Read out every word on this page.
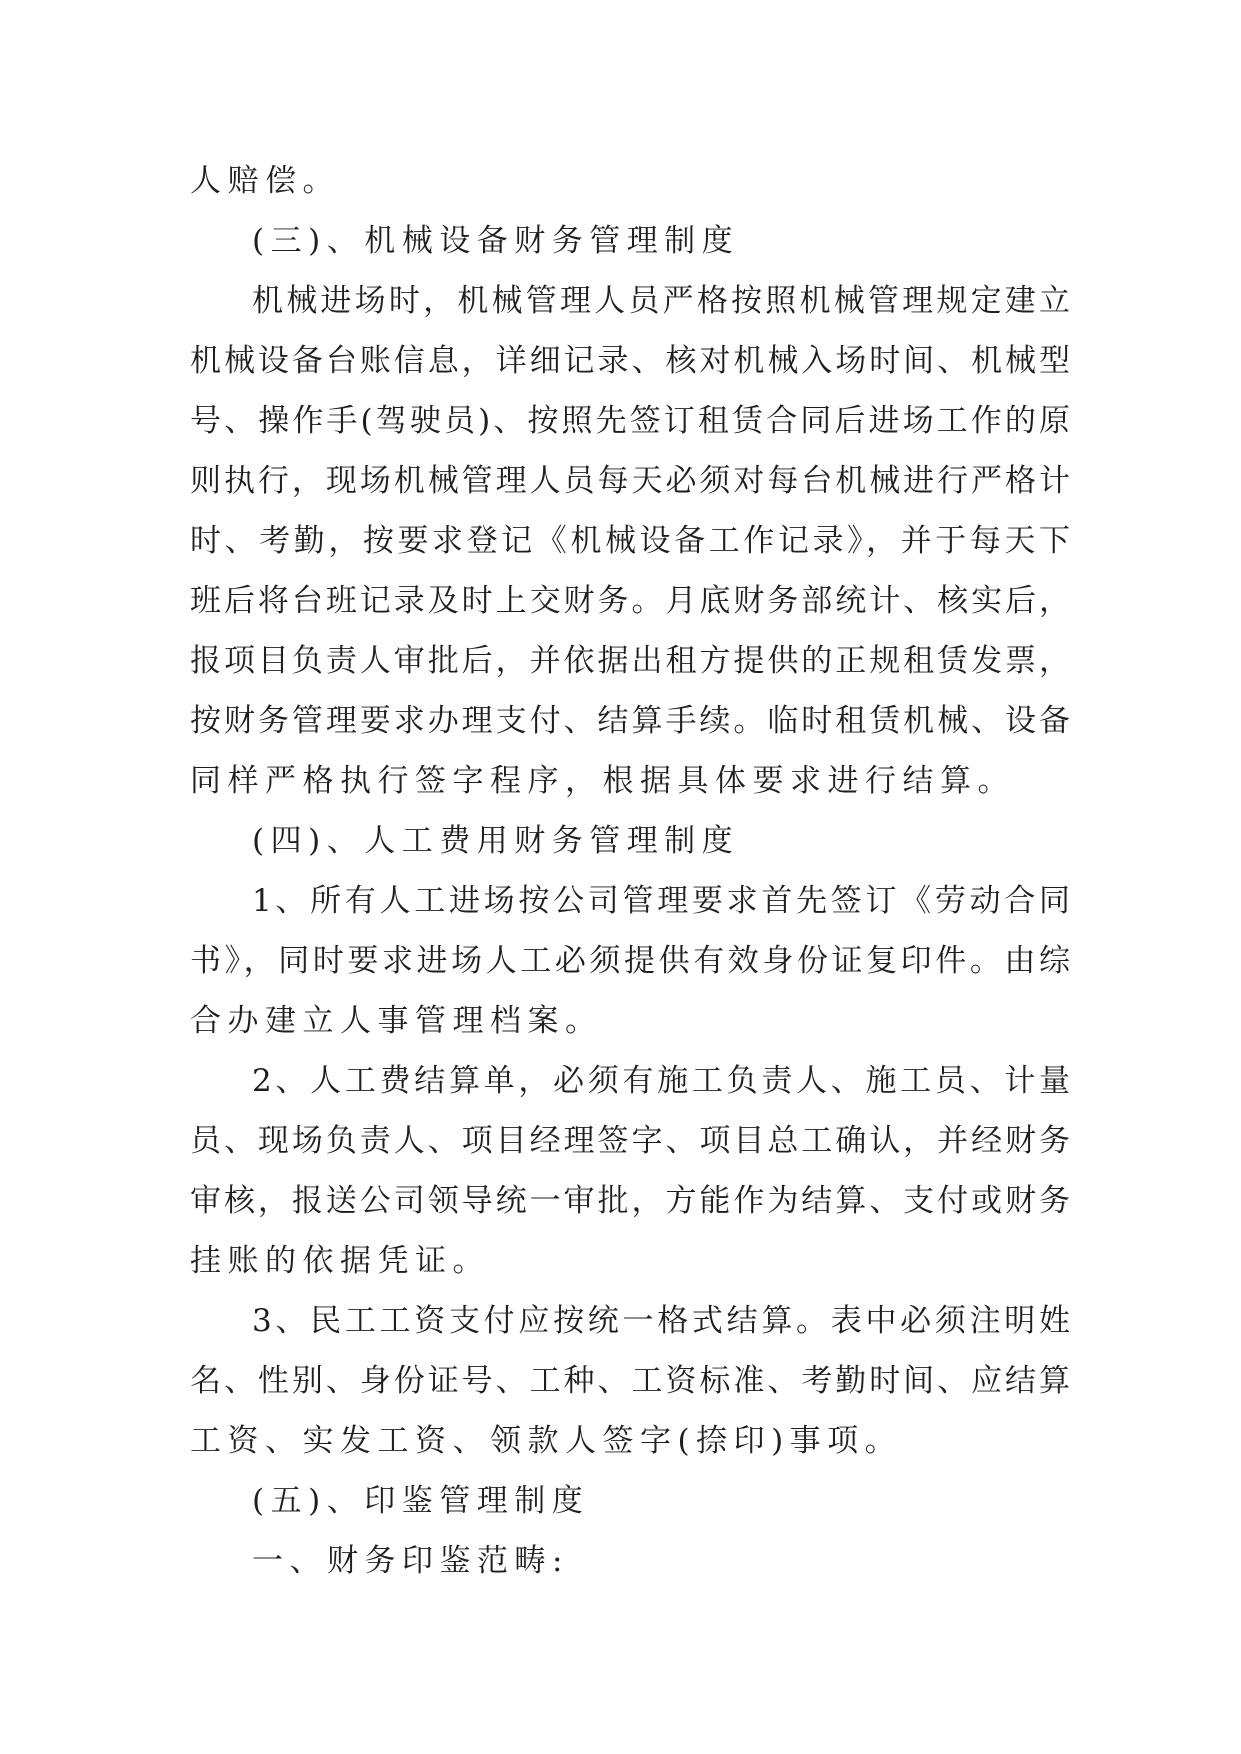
人赔偿。
(三)、机械设备财务管理制度
机械进场时，机械管理人员严格按照机械管理规定建立
机械设备台账信息，详细记录、核对机械入场时间、机械型
号、操作手(驾驶员)、按照先签订租赁合同后进场工作的原
则执行，现场机械管理人员每天必须对每台机械进行严格计
时、考勤，按要求登记《机械设备工作记录》，并于每天下
班后将台班记录及时上交财务。月底财务部统计、核实后，
报项目负责人审批后，并依据出租方提供的正规租赁发票，
按财务管理要求办理支付、结算手续。临时租赁机械、设备
同样严格执行签字程序，根据具体要求进行结算。
(四)、人工费用财务管理制度
1、所有人工进场按公司管理要求首先签订《劳动合同
书》，同时要求进场人工必须提供有效身份证复印件。由综
合办建立人事管理档案。
2、人工费结算单，必须有施工负责人、施工员、计量
员、现场负责人、项目经理签字、项目总工确认，并经财务
审核，报送公司领导统一审批，方能作为结算、支付或财务
挂账的依据凭证。
3、民工工资支付应按统一格式结算。表中必须注明姓
名、性别、身份证号、工种、工资标准、考勤时间、应结算
工资、实发工资、领款人签字(捺印)事项。
(五)、印鉴管理制度
一、财务印鉴范畴:
